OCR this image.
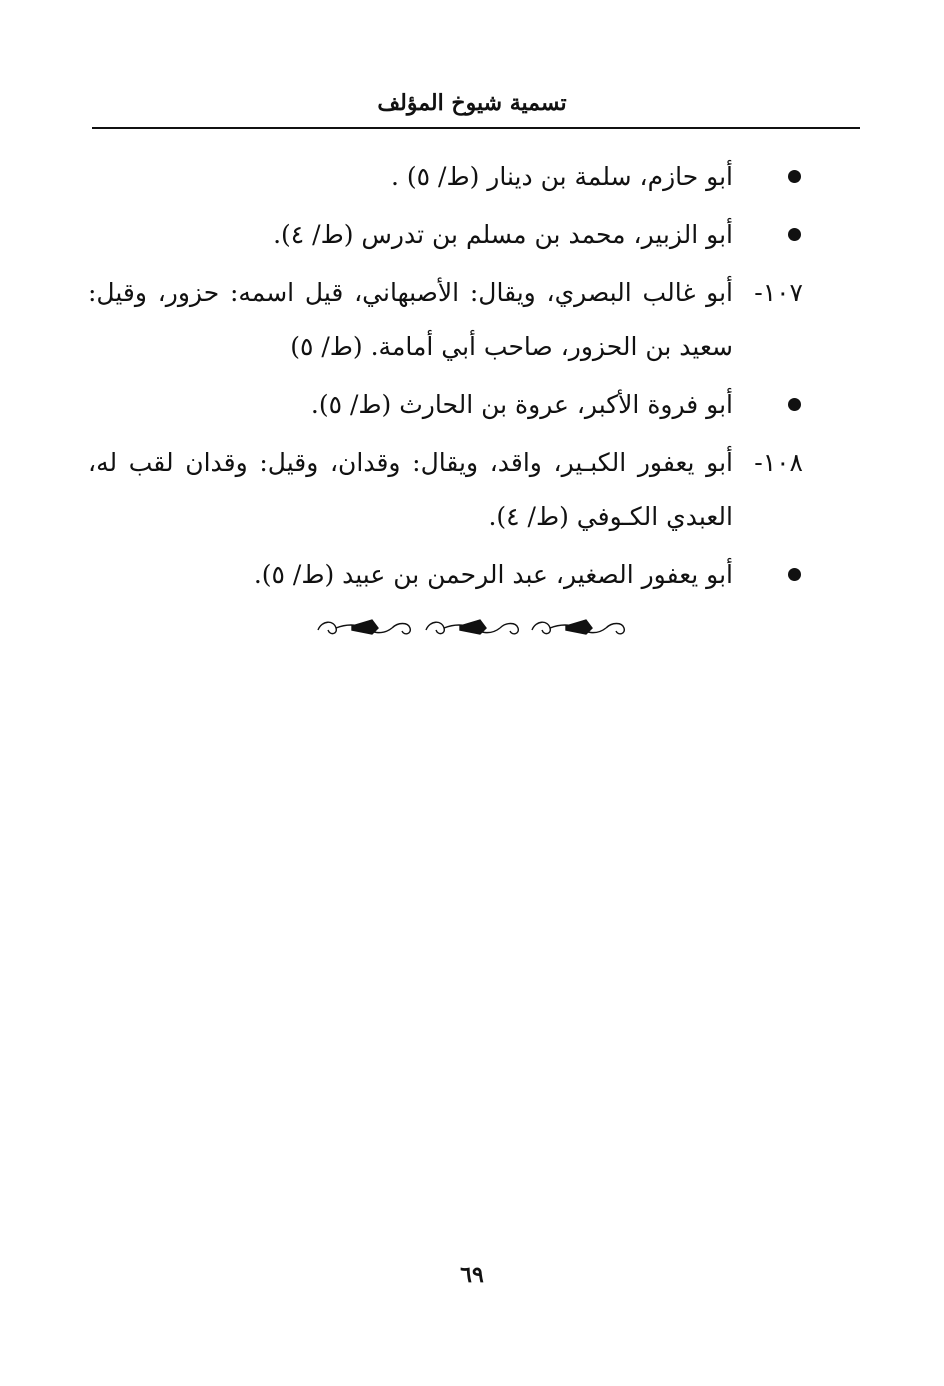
تسمية شيوخ المؤلف
أبو حازم، سلمة بن دينار (ط/ ٥) .
أبو الزبير، محمد بن مسلم بن تدرس (ط/ ٤).
١٠٧-
أبو غالب البصري، ويقال: الأصبهاني، قيل اسمه: حزور، وقيل: سعيد بن الحزور، صاحب أبي أمامة. (ط/ ٥)
أبو فروة الأكبر، عروة بن الحارث (ط/ ٥).
١٠٨-
أبو يعفور الكبـير، واقد، ويقال: وقدان، وقيل: وقدان لقب له، العبدي الكـوفي (ط/ ٤).
أبو يعفور الصغير، عبد الرحمن بن عبيد (ط/ ٥).
٦٩
